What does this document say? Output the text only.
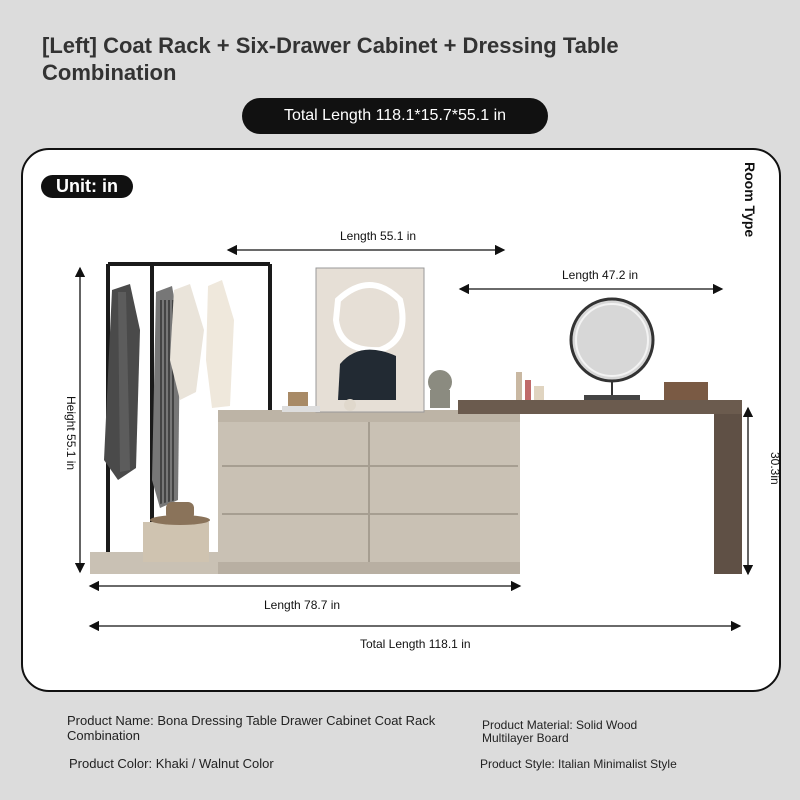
[Left] Coat Rack + Six-Drawer Cabinet + Dressing Table Combination
Total Length 118.1*15.7*55.1 in
Unit: in	Room Type
Length 55.1 in
Length 47.2 in
Height 55.1 in	30.3in
Length 78.7 in
Total Length 118.1 in
Product Name: Bona Dressing Table Drawer Cabinet Coat Rack Combination
Product Material: Solid Wood Multilayer Board
Product Color: Khaki / Walnut Color	Product Style: Italian Minimalist Style
